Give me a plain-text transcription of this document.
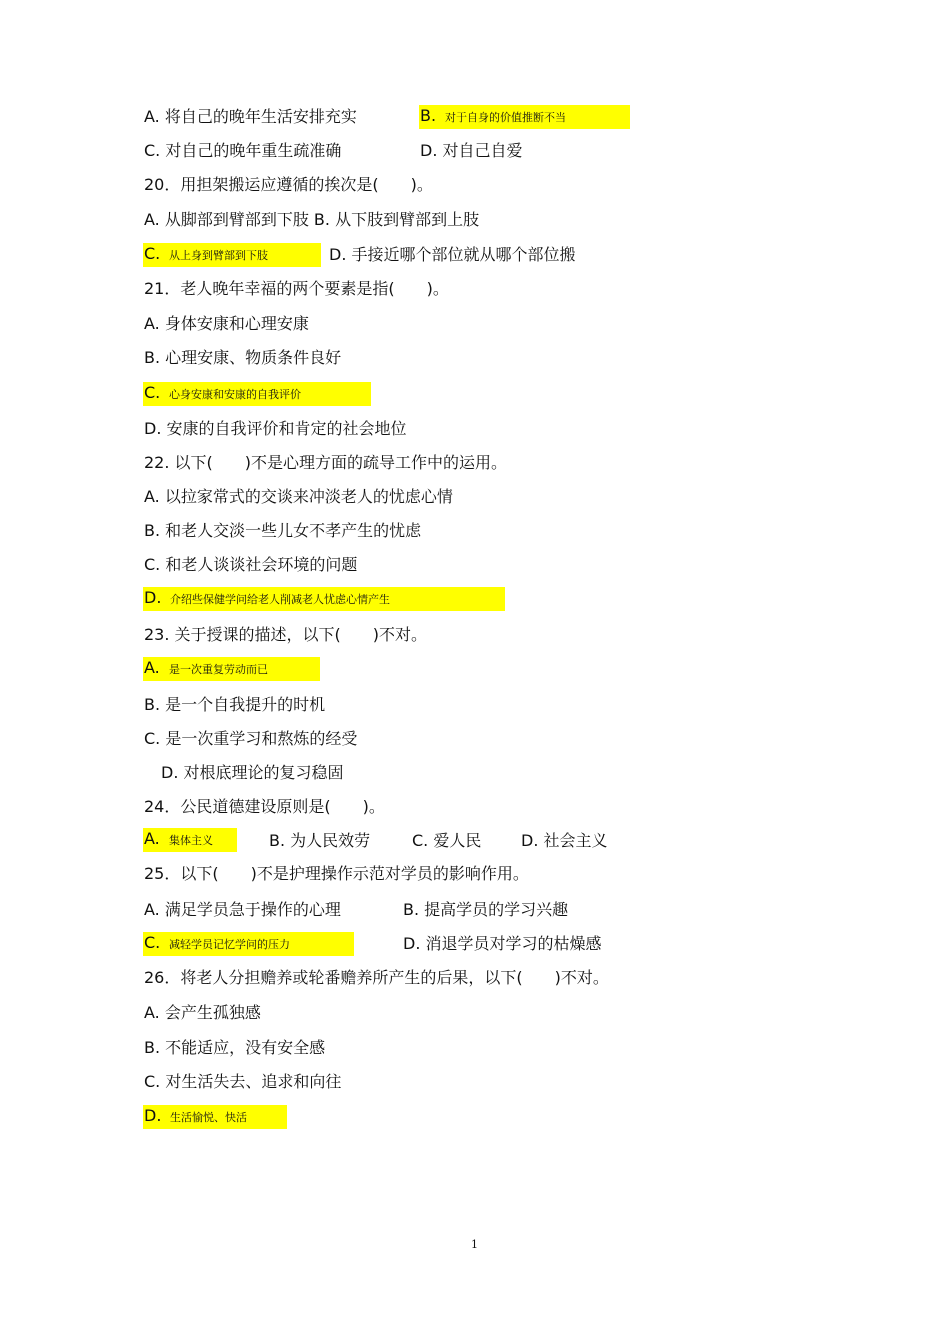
A. 将自己的晚年生活安排充实	B. 对于自身的价值推断不当
C. 对自己的晚年重生疏准确	D. 对自己自爱
20．用担架搬运应遵循的挨次是(　　)。
A. 从脚部到臂部到下肢 B. 从下肢到臂部到上肢
C. 从上身到臂部到下肢	D. 手接近哪个部位就从哪个部位搬
21．老人晚年幸福的两个要素是指(　　)。
A. 身体安康和心理安康
B. 心理安康、物质条件良好
C. 心身安康和安康的自我评价
D. 安康的自我评价和肯定的社会地位
22. 以下(　　)不是心理方面的疏导工作中的运用。
A. 以拉家常式的交谈来冲淡老人的忧虑心情
B. 和老人交淡一些儿女不孝产生的忧虑
C. 和老人谈谈社会环境的问题
D. 介绍些保健学问给老人削减老人忧虑心情产生
23. 关于授课的描述，以下(　　)不对。
A. 是一次重复劳动而已
B. 是一个自我提升的时机
C. 是一次重学习和熬炼的经受
D. 对根底理论的复习稳固
24．公民道德建设原则是(　　)。
A. 集体主义	B. 为人民效劳	C. 爱人民 D. 社会主义
25．以下(　　)不是护理操作示范对学员的影响作用。
A. 满足学员急于操作的心理	B. 提高学员的学习兴趣
C. 减轻学员记忆学问的压力	D. 消退学员对学习的枯燥感
26．将老人分担赡养或轮番赡养所产生的后果，以下(　　)不对。
A. 会产生孤独感
B. 不能适应，没有安全感
C. 对生活失去、追求和向往
D. 生活愉悦、快活
1
